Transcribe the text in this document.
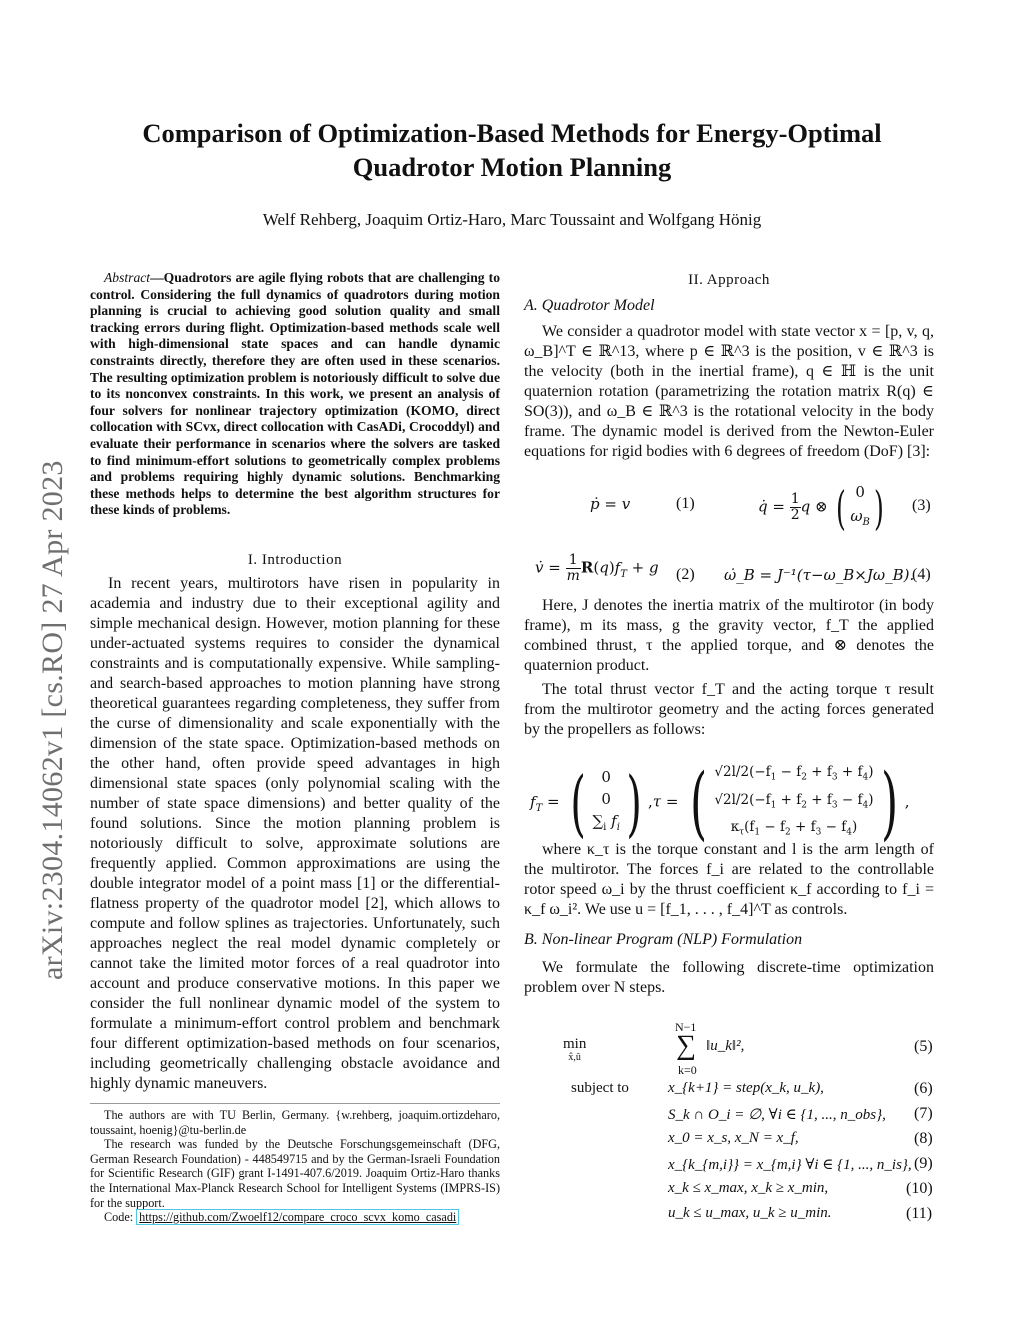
arXiv:2304.14062v1 [cs.RO] 27 Apr 2023
Comparison of Optimization-Based Methods for Energy-Optimal
Quadrotor Motion Planning
Welf Rehberg, Joaquim Ortiz-Haro, Marc Toussaint and Wolfgang Hönig

Abstract—Quadrotors are agile flying robots that are challenging to control. Considering the full dynamics of quadrotors during motion planning is crucial to achieving good solution quality and small tracking errors during flight. Optimization-based methods scale well with high-dimensional state spaces and can handle dynamic constraints directly, therefore they are often used in these scenarios. The resulting optimization problem is notoriously difficult to solve due to its nonconvex constraints. In this work, we present an analysis of four solvers for nonlinear trajectory optimization (KOMO, direct collocation with SCvx, direct collocation with CasADi, Crocoddyl) and evaluate their performance in scenarios where the solvers are tasked to find minimum-effort solutions to geometrically complex problems and problems requiring highly dynamic solutions. Benchmarking these methods helps to determine the best algorithm structures for these kinds of problems.

I. Introduction

In recent years, multirotors have risen in popularity in academia and industry due to their exceptional agility and simple mechanical design. However, motion planning for these under-actuated systems requires to consider the dynamical constraints and is computationally expensive. While sampling- and search-based approaches to motion planning have strong theoretical guarantees regarding completeness, they suffer from the curse of dimensionality and scale exponentially with the dimension of the state space. Optimization-based methods on the other hand, often provide speed advantages in high dimensional state spaces (only polynomial scaling with the number of state space dimensions) and better quality of the found solutions. Since the motion planning problem is notoriously difficult to solve, approximate solutions are frequently applied. Common approximations are using the double integrator model of a point mass [1] or the differential-flatness property of the quadrotor model [2], which allows to compute and follow splines as trajectories. Unfortunately, such approaches neglect the real model dynamic completely or cannot take the limited motor forces of a real quadrotor into account and produce conservative motions. In this paper we consider the full nonlinear dynamic model of the system to formulate a minimum-effort control problem and benchmark four different optimization-based methods on four scenarios, including geometrically challenging obstacle avoidance and highly dynamic maneuvers.

The authors are with TU Berlin, Germany. {w.rehberg, joaquim.ortizdeharo, toussaint, hoenig}@tu-berlin.de

The research was funded by the Deutsche Forschungsgemeinschaft (DFG, German Research Foundation) - 448549715 and by the German-Israeli Foundation for Scientific Research (GIF) grant I-1491-407.6/2019. Joaquim Ortiz-Haro thanks the International Max-Planck Research School for Intelligent Systems (IMPRS-IS) for the support.

Code: https://github.com/Zwoelf12/compare_croco_scvx_komo_casadi

II. Approach

A. Quadrotor Model

We consider a quadrotor model with state vector x = [p, v, q, ω_B]^T ∈ ℝ^13, where p ∈ ℝ^3 is the position, v ∈ ℝ^3 is the velocity (both in the inertial frame), q ∈ ℍ is the unit quaternion rotation (parametrizing the rotation matrix R(q) ∈ SO(3)), and ω_B ∈ ℝ^3 is the rotational velocity in the body frame. The dynamic model is derived from the Newton-Euler equations for rigid bodies with 6 degrees of freedom (DoF) [3]:

ṗ = v	(1)	q̇ = $\frac{1}{2}$ q ⊗ ( 0
$\omega_B$ ) (3)
v̇ = $\frac{1}{m} R(q)f_T + g$ (2) ω̇_B = J⁻¹(τ−ω_B×Jω_B).
(4)

Here, J denotes the inertia matrix of the multirotor (in body frame), m its mass, g the gravity vector, f_T the applied combined thrust, τ the applied torque, and ⊗ denotes the quaternion product.

The total thrust vector f_T and the acting torque τ result from the multirotor geometry and the acting forces generated by the propellers as follows:

$f_T$ = (	0
0
$\sum_i$ $f_i$ ) ,τ = ( $√2l/2(-f_1 - f_2 + f_3 + f_4)$
$√2l/2(-f_1 + f_2 + f_3 - f_4)$
$\kappa_\tau(f_1 - f_2 + f_3 - f_4)$ ) ,

where κ_τ is the torque constant and l is the arm length of the multirotor. The forces f_i are related to the controllable rotor speed ω_i by the thrust coefficient κ_f according to f_i = κ_f ω_i². We use u = [f_1, . . . , f_4]^T as controls.

B. Non-linear Program (NLP) Formulation

We formulate the following discrete-time optimization problem over N steps.

min
x̂,û
N−1
∑
k=0
‖u_k‖²,	(5)
subject to	x_{k+1} = step(x_k, u_k),	(6)
S_k ∩ O_i = ∅, ∀i ∈ {1, ..., n_obs}, (7)
x_0 = x_s, x_N = x_f,	(8)
x_{k_{m,i}} = x_{m,i} ∀i ∈ {1, ..., n_is}, (9)
x_k ≤ x_max, x_k ≥ x_min,	(10)
u_k ≤ u_max, u_k ≥ u_min.	(11)
